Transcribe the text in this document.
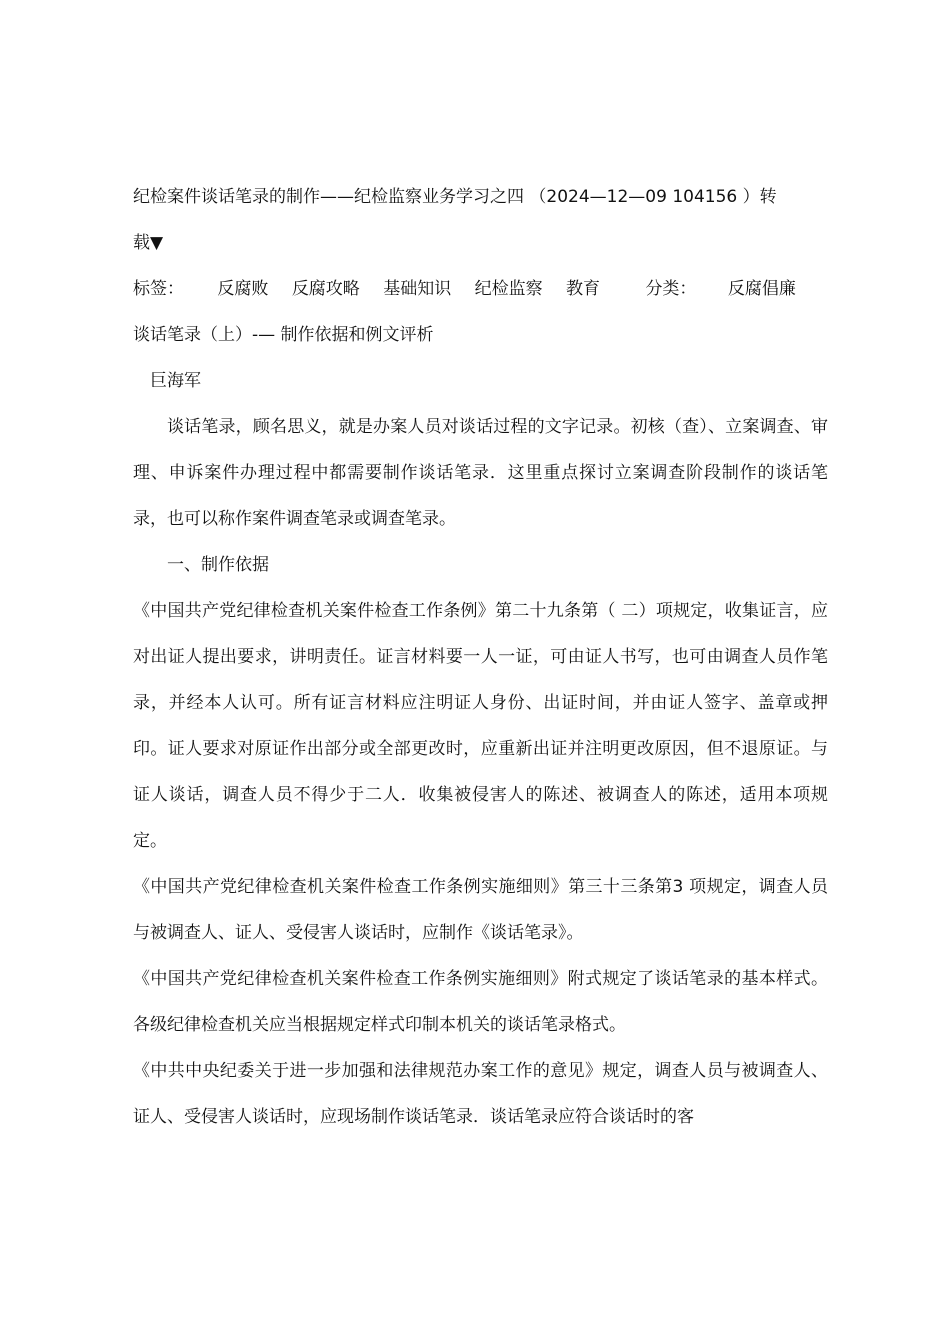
纪检案件谈话笔录的制作——纪检监察业务学习之四 （2024—12—09 104156 ）转
载▼
标签： 反腐败 反腐攻略 基础知识 纪检监察 教育	分类： 反腐倡廉
谈话笔录（上）-— 制作依据和例文评析
巨海军
谈话笔录，顾名思义，就是办案人员对谈话过程的文字记录。初核（查）、立案调查、审理、申诉案件办理过程中都需要制作谈话笔录．这里重点探讨立案调查阶段制作的谈话笔录，也可以称作案件调查笔录或调查笔录。
一、制作依据
《中国共产党纪律检查机关案件检查工作条例》第二十九条第（ 二）项规定，收集证言，应对出证人提出要求，讲明责任。证言材料要一人一证，可由证人书写，也可由调查人员作笔录，并经本人认可。所有证言材料应注明证人身份、出证时间，并由证人签字、盖章或押印。证人要求对原证作出部分或全部更改时，应重新出证并注明更改原因，但不退原证。与证人谈话，调查人员不得少于二人．收集被侵害人的陈述、被调查人的陈述，适用本项规定。
《中国共产党纪律检查机关案件检查工作条例实施细则》第三十三条第3 项规定，调查人员与被调查人、证人、受侵害人谈话时，应制作《谈话笔录》。
《中国共产党纪律检查机关案件检查工作条例实施细则》附式规定了谈话笔录的基本样式。各级纪律检查机关应当根据规定样式印制本机关的谈话笔录格式。
《中共中央纪委关于进一步加强和法律规范办案工作的意见》规定，调查人员与被调查人、证人、受侵害人谈话时，应现场制作谈话笔录．谈话笔录应符合谈话时的客
